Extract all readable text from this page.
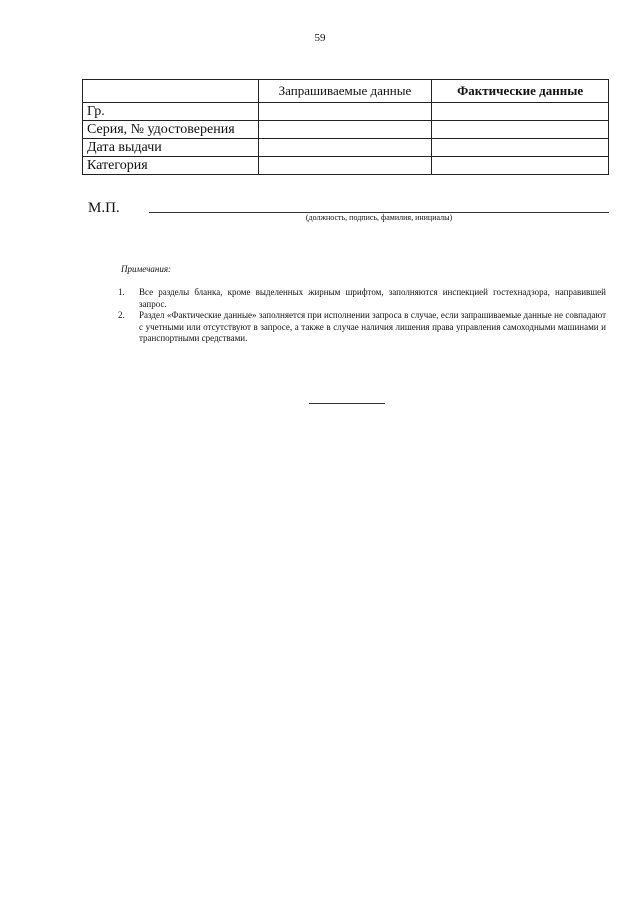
59
	Запрашиваемые данные	Фактические данные
Гр.		
Серия, № удостоверения		
Дата выдачи		
Категория		
М.П.
(должность, подпись, фамилия, инициалы)
Примечания:
1. Все разделы бланка, кроме выделенных жирным шрифтом, заполняются инспекцией гостехнадзора, направившей запрос.
2. Раздел «Фактические данные» заполняется при исполнении запроса в случае, если запрашиваемые данные не совпадают с учетными или отсутствуют в запросе, а также в случае наличия лишения права управления самоходными машинами и транспортными средствами.
